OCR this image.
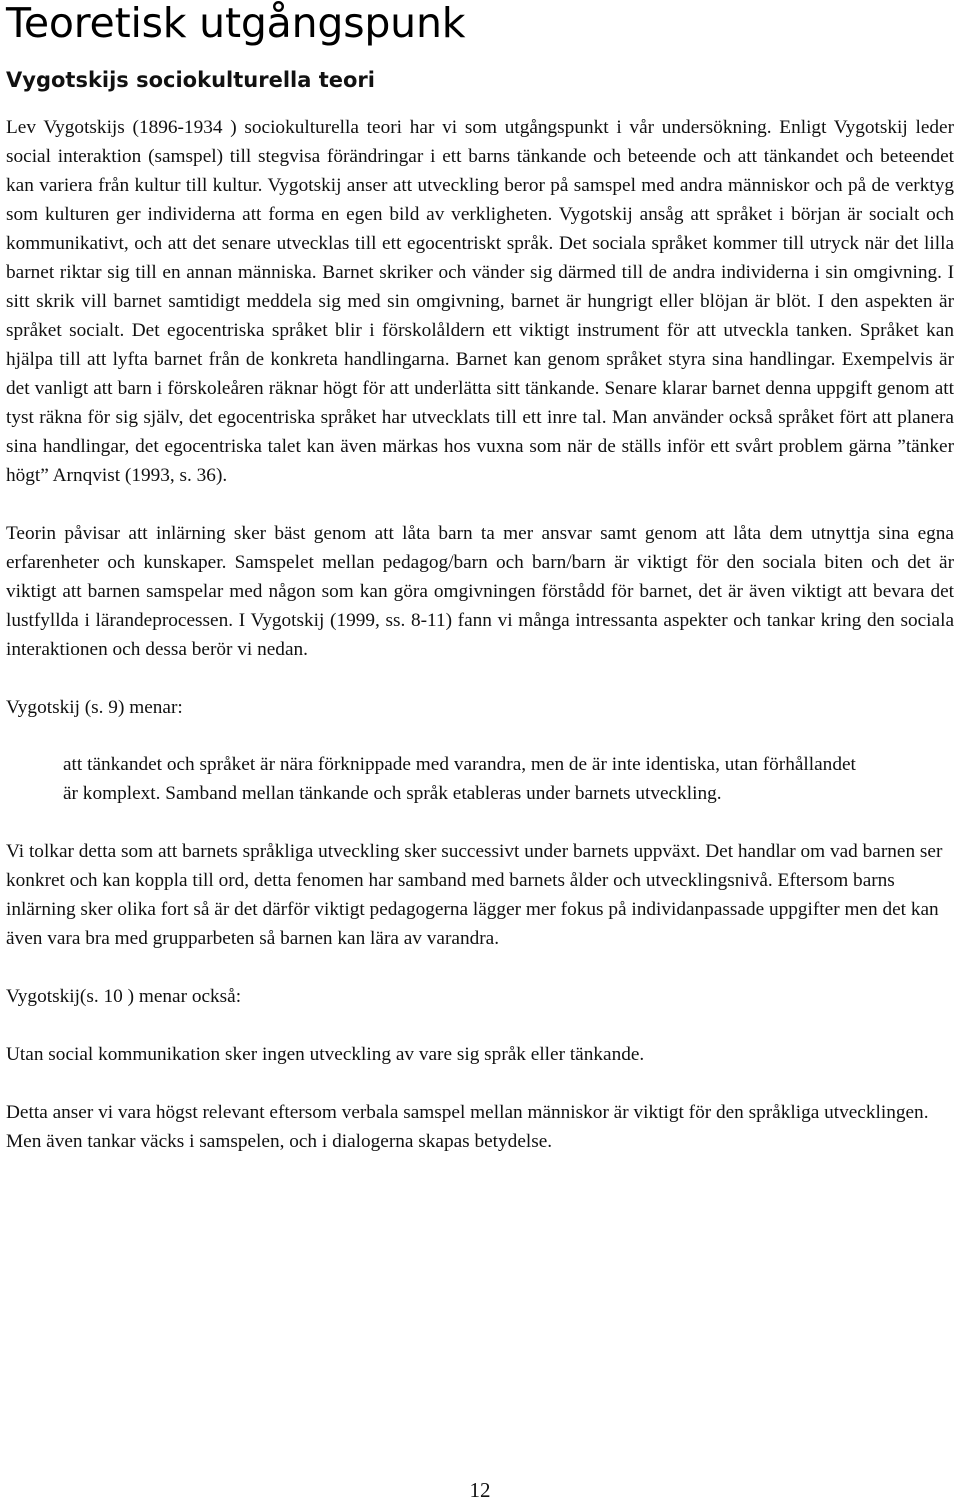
Teoretisk utgångspunk
Vygotskijs sociokulturella teori

Lev Vygotskijs (1896-1934 ) sociokulturella teori har vi som utgångspunkt i vår undersökning. Enligt Vygotskij leder social interaktion (samspel) till stegvisa förändringar i ett barns tänkande och beteende och att tänkandet och beteendet kan variera från kultur till kultur. Vygotskij anser att utveckling beror på samspel med andra människor och på de verktyg som kulturen ger individerna att forma en egen bild av verkligheten. Vygotskij ansåg att språket i början är socialt och kommunikativt, och att det senare utvecklas till ett egocentriskt språk. Det sociala språket kommer till utryck när det lilla barnet riktar sig till en annan människa. Barnet skriker och vänder sig därmed till de andra individerna i sin omgivning. I sitt skrik vill barnet samtidigt meddela sig med sin omgivning, barnet är hungrigt eller blöjan är blöt. I den aspekten är språket socialt. Det egocentriska språket blir i förskolåldern ett viktigt instrument för att utveckla tanken. Språket kan hjälpa till att lyfta barnet från de konkreta handlingarna. Barnet kan genom språket styra sina handlingar. Exempelvis är det vanligt att barn i förskoleåren räknar högt för att underlätta sitt tänkande. Senare klarar barnet denna uppgift genom att tyst räkna för sig själv, det egocentriska språket har utvecklats till ett inre tal. Man använder också språket fört att planera sina handlingar, det egocentriska talet kan även märkas hos vuxna som när de ställs inför ett svårt problem gärna ”tänker högt” Arnqvist (1993, s. 36).

Teorin påvisar att inlärning sker bäst genom att låta barn ta mer ansvar samt genom att låta dem utnyttja sina egna erfarenheter och kunskaper. Samspelet mellan pedagog/barn och barn/barn är viktigt för den sociala biten och det är viktigt att barnen samspelar med någon som kan göra omgivningen förstådd för barnet, det är även viktigt att bevara det lustfyllda i lärandeprocessen. I Vygotskij (1999, ss. 8-11) fann vi många intressanta aspekter och tankar kring den sociala interaktionen och dessa berör vi nedan.

Vygotskij (s. 9) menar:

att tänkandet och språket är nära förknippade med varandra, men de är inte identiska, utan förhållandet är komplext. Samband mellan tänkande och språk etableras under barnets utveckling.

Vi tolkar detta som att barnets språkliga utveckling sker successivt under barnets uppväxt. Det handlar om vad barnen ser konkret och kan koppla till ord, detta fenomen har samband med barnets ålder och utvecklingsnivå. Eftersom barns inlärning sker olika fort så är det därför viktigt pedagogerna lägger mer fokus på individanpassade uppgifter men det kan även vara bra med grupparbeten så barnen kan lära av varandra.

Vygotskij(s. 10 ) menar också:

Utan social kommunikation sker ingen utveckling av vare sig språk eller tänkande.

Detta anser vi vara högst relevant eftersom verbala samspel mellan människor är viktigt för den språkliga utvecklingen. Men även tankar väcks i samspelen, och i dialogerna skapas betydelse.

12
